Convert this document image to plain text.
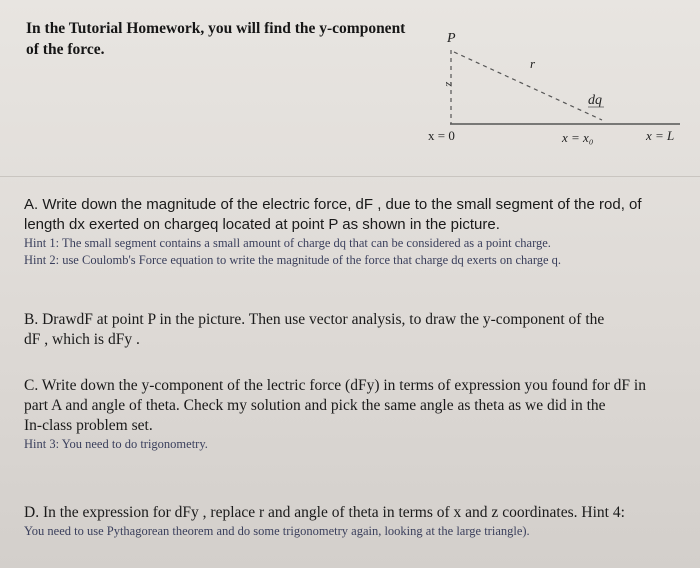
In the Tutorial Homework, you will find the y-component
of the force.
P
z
r
dq
x = 0	x = x₀	x = L
A. Write down the magnitude of the electric force, dF , due to the small segment of the rod, of
length dx exerted on chargeq located at point P as shown in the picture.
Hint 1: The small segment contains a small amount of charge dq that can be considered as a point charge.
Hint 2: use Coulomb's Force equation to write the magnitude of the force that charge dq exerts on charge q.
B. DrawdF at point P in the picture. Then use vector analysis, to draw the y-component of the
dF , which is dFy .
C. Write down the y-component of the lectric force (dFy) in terms of expression you found for dF in
part A and angle of theta. Check my solution and pick the same angle as theta as we did in the
In-class problem set.
Hint 3: You need to do trigonometry.
D. In the expression for dFy , replace r and angle of theta in terms of x and z coordinates. Hint 4:
You need to use Pythagorean theorem and do some trigonometry again, looking at the large triangle).
